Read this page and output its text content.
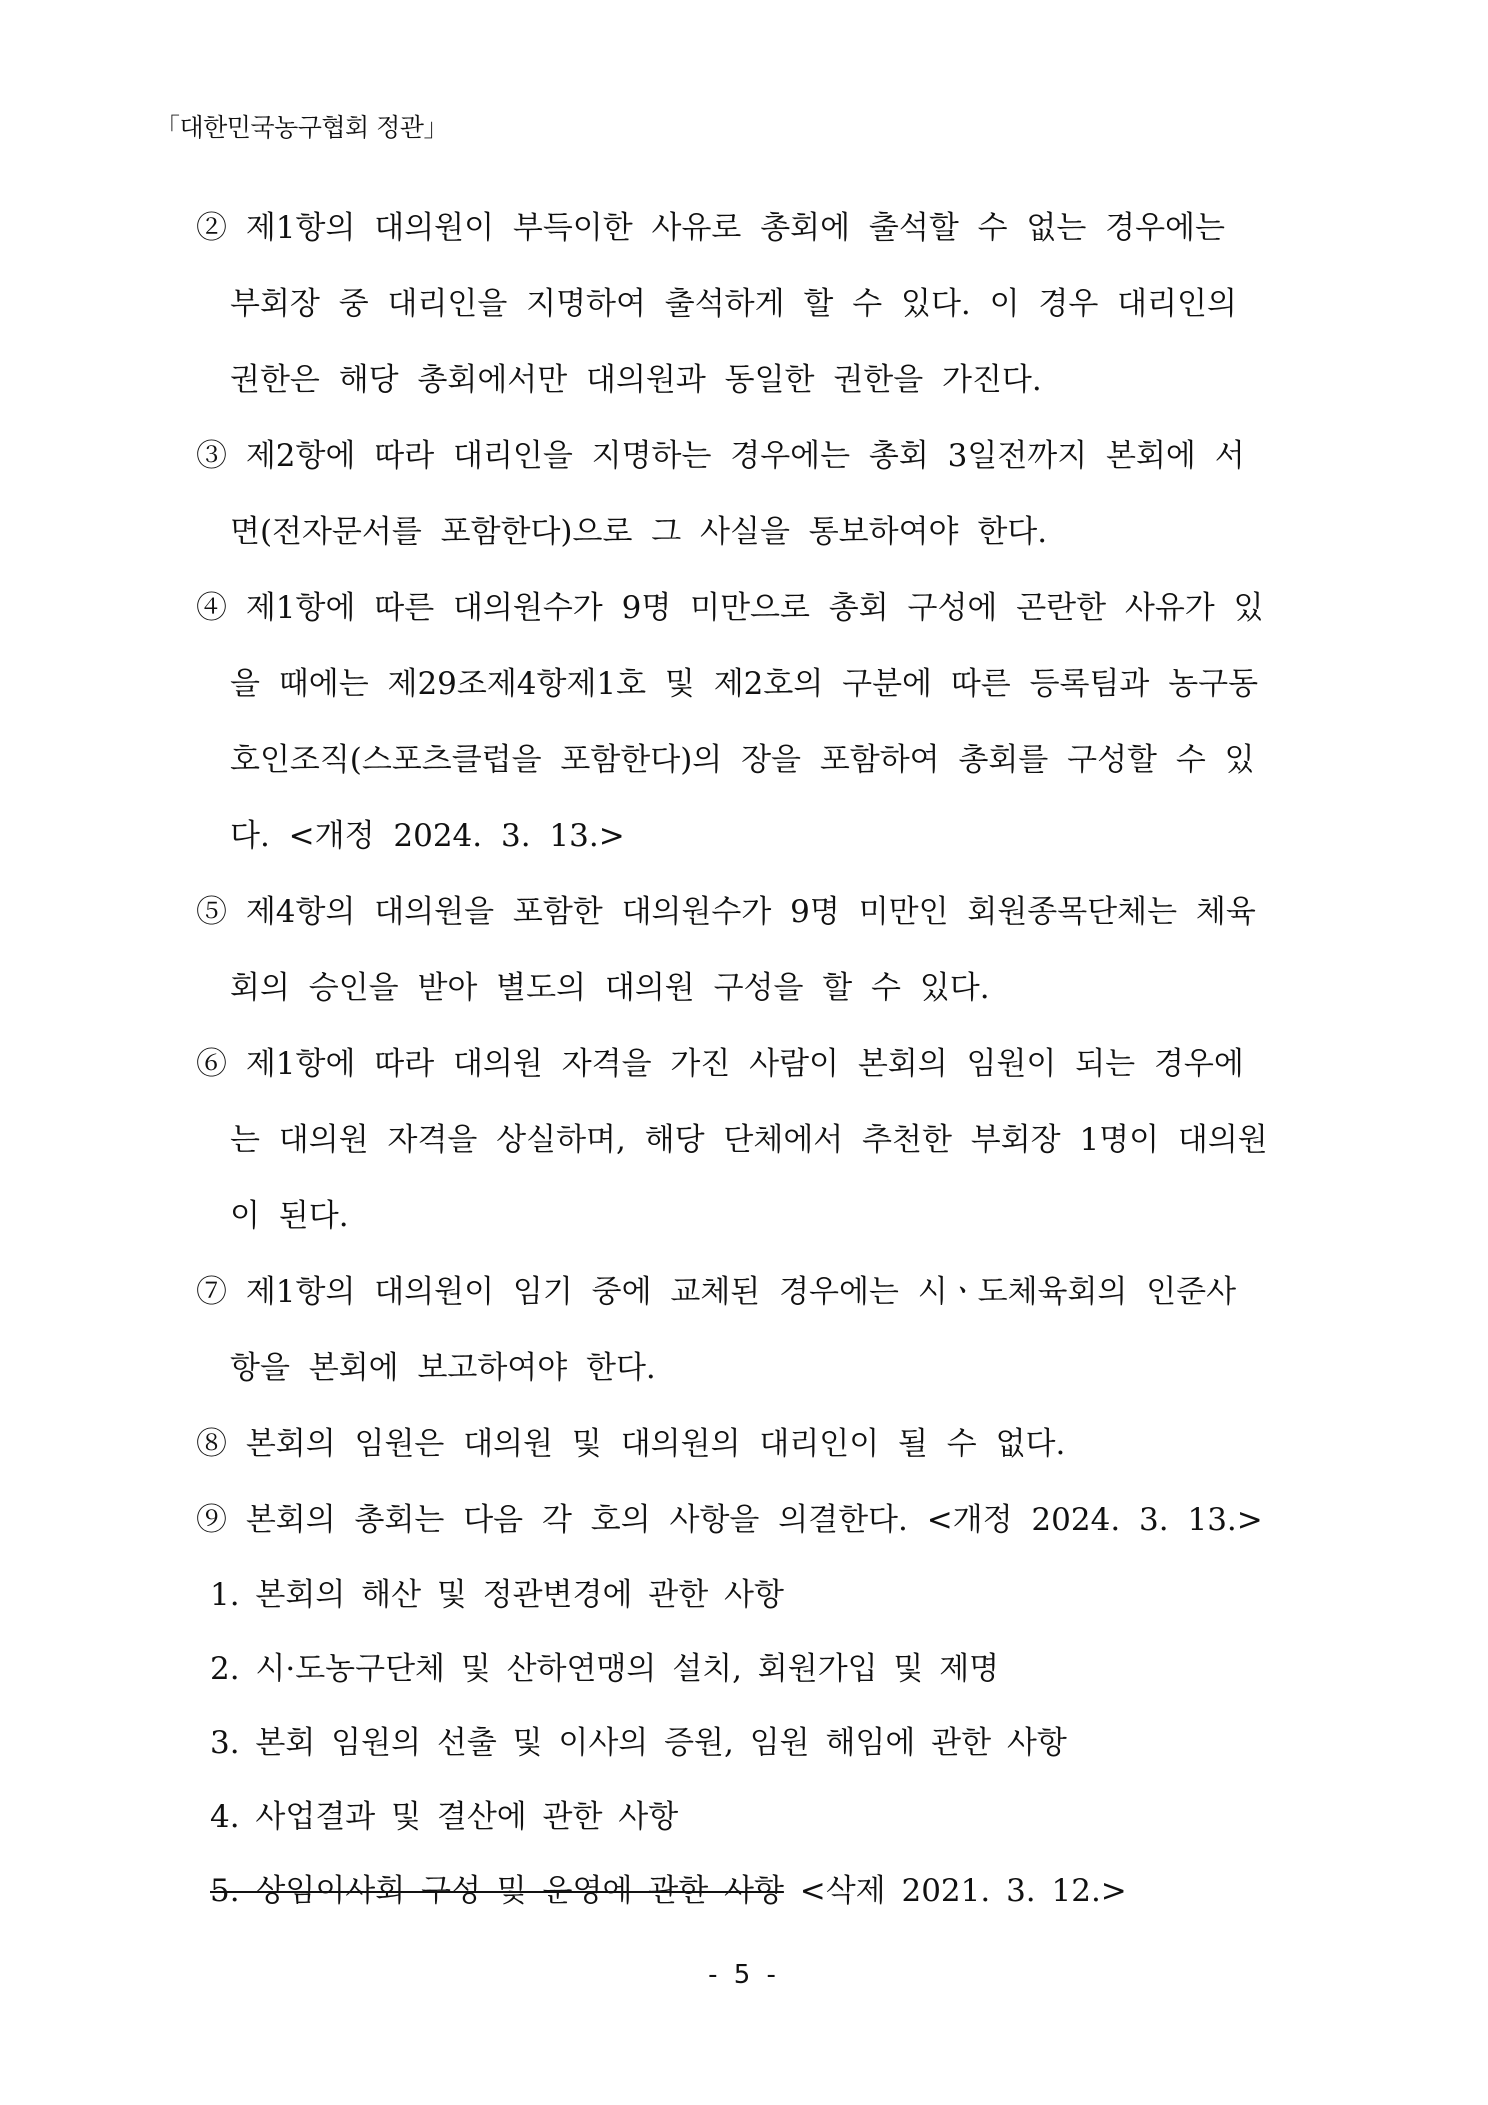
「대한민국농구협회 정관」
② 제1항의 대의원이 부득이한 사유로 총회에 출석할 수 없는 경우에는
부회장 중 대리인을 지명하여 출석하게 할 수 있다. 이 경우 대리인의
권한은 해당 총회에서만 대의원과 동일한 권한을 가진다.
③ 제2항에 따라 대리인을 지명하는 경우에는 총회 3일전까지 본회에 서
면(전자문서를 포함한다)으로 그 사실을 통보하여야 한다.
④ 제1항에 따른 대의원수가 9명 미만으로 총회 구성에 곤란한 사유가 있
을 때에는 제29조제4항제1호 및 제2호의 구분에 따른 등록팀과 농구동
호인조직(스포츠클럽을 포함한다)의 장을 포함하여 총회를 구성할 수 있
다. <개정 2024. 3. 13.>
⑤ 제4항의 대의원을 포함한 대의원수가 9명 미만인 회원종목단체는 체육
회의 승인을 받아 별도의 대의원 구성을 할 수 있다.
⑥ 제1항에 따라 대의원 자격을 가진 사람이 본회의 임원이 되는 경우에
는 대의원 자격을 상실하며, 해당 단체에서 추천한 부회장 1명이 대의원
이 된다.
⑦ 제1항의 대의원이 임기 중에 교체된 경우에는 시ㆍ도체육회의 인준사
항을 본회에 보고하여야 한다.
⑧ 본회의 임원은 대의원 및 대의원의 대리인이 될 수 없다.
⑨ 본회의 총회는 다음 각 호의 사항을 의결한다. <개정 2024. 3. 13.>
1. 본회의 해산 및 정관변경에 관한 사항
2. 시·도농구단체 및 산하연맹의 설치, 회원가입 및 제명
3. 본회 임원의 선출 및 이사의 증원, 임원 해임에 관한 사항
4. 사업결과 및 결산에 관한 사항
5. 상임이사회 구성 및 운영에 관한 사항 <삭제 2021. 3. 12.>
- 5 -
